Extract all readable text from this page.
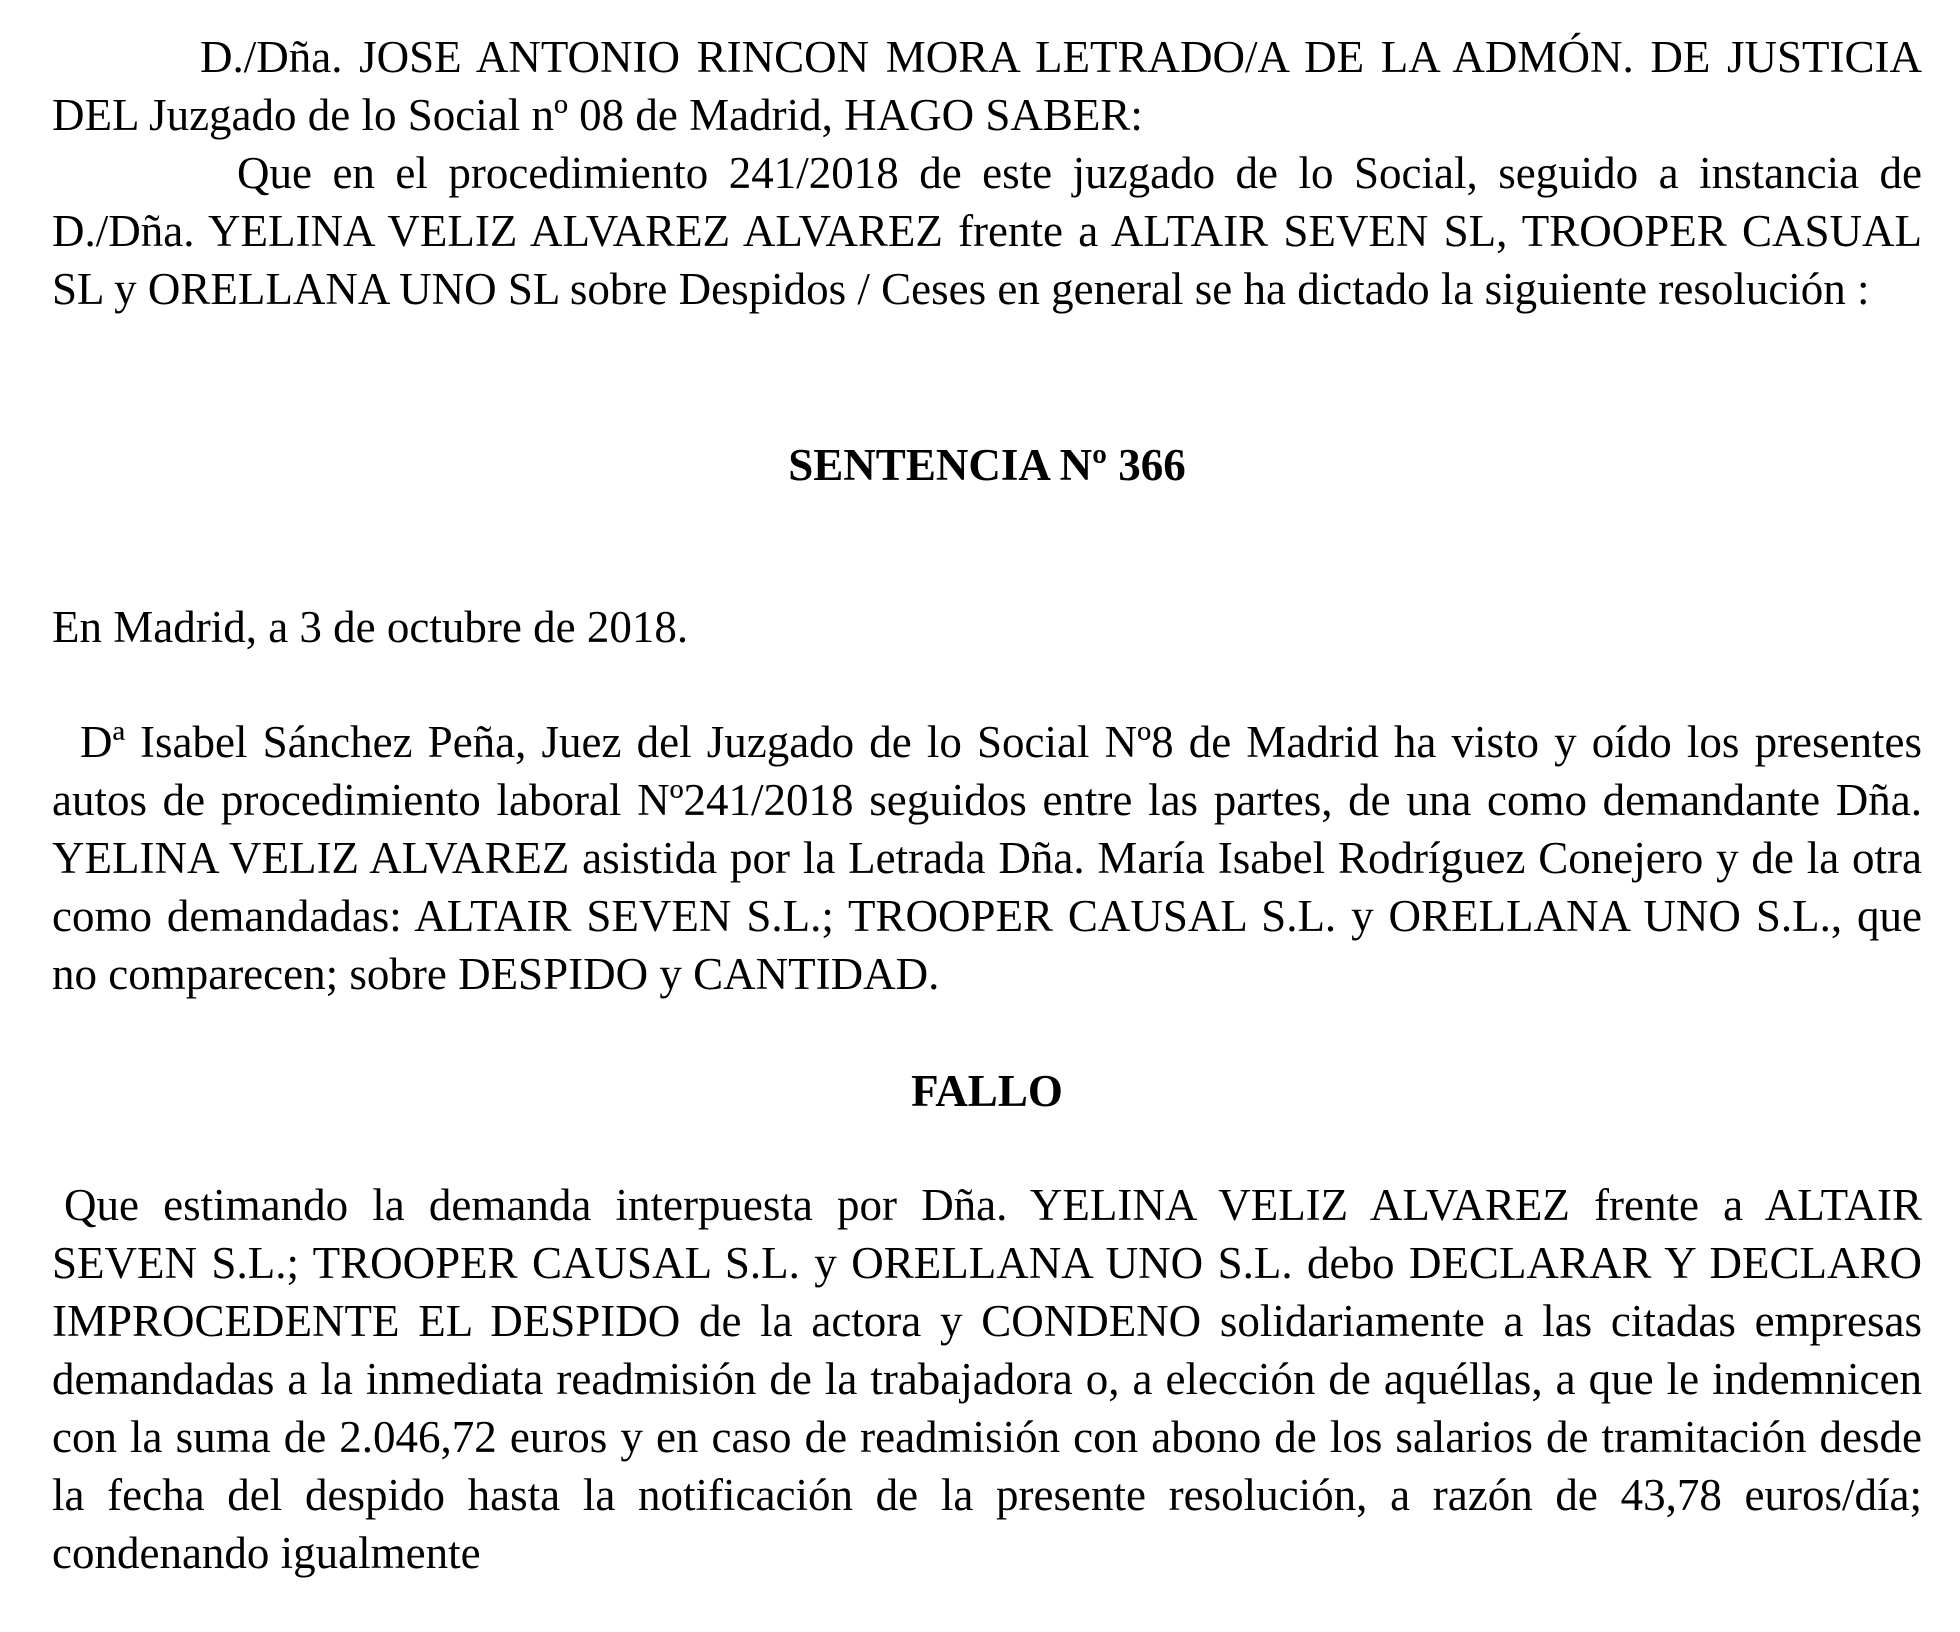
D./Dña. JOSE ANTONIO RINCON MORA LETRADO/A DE LA ADMÓN. DE JUSTICIA DEL Juzgado de lo Social nº 08 de Madrid, HAGO SABER:

Que en el procedimiento 241/2018 de este juzgado de lo Social, seguido a instancia de D./Dña. YELINA VELIZ ALVAREZ ALVAREZ frente a ALTAIR SEVEN SL, TROOPER CASUAL SL y ORELLANA UNO SL sobre Despidos / Ceses en general se ha dictado la siguiente resolución :

SENTENCIA Nº 366

En Madrid, a 3 de octubre de 2018.

Dª Isabel Sánchez Peña, Juez del Juzgado de lo Social Nº8 de Madrid ha visto y oído los presentes autos de procedimiento laboral Nº241/2018 seguidos entre las partes, de una como demandante Dña. YELINA VELIZ ALVAREZ asistida por la Letrada Dña. María Isabel Rodríguez Conejero y de la otra como demandadas: ALTAIR SEVEN S.L.; TROOPER CAUSAL S.L. y ORELLANA UNO S.L., que no comparecen; sobre DESPIDO y CANTIDAD.

FALLO

Que estimando la demanda interpuesta por Dña. YELINA VELIZ ALVAREZ frente a ALTAIR SEVEN S.L.; TROOPER CAUSAL S.L. y ORELLANA UNO S.L. debo DECLARAR Y DECLARO IMPROCEDENTE EL DESPIDO de la actora y CONDENO solidariamente a las citadas empresas demandadas a la inmediata readmisión de la trabajadora o, a elección de aquéllas, a que le indemnicen con la suma de 2.046,72 euros y en caso de readmisión con abono de los salarios de tramitación desde la fecha del despido hasta la notificación de la presente resolución, a razón de 43,78 euros/día; condenando igualmente
